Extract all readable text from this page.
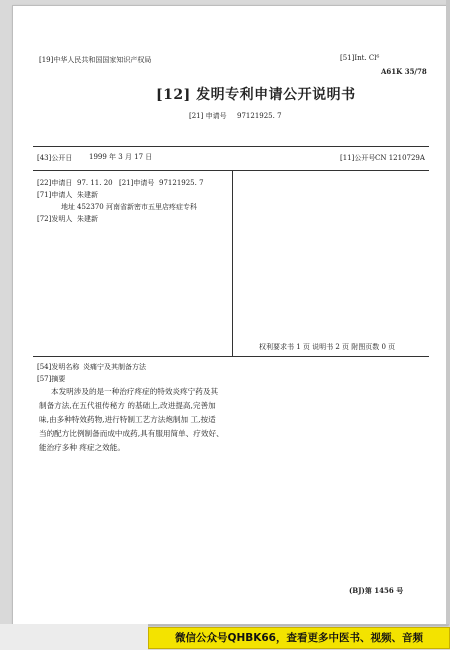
[19]中华人民共和国国家知识产权局	[51]Int. Cl⁶
A61K 35/78
[12] 发明专利申请公开说明书
[21] 申请号 97121925. 7
[43]公开日 1999 年 3 月 17 日	[11]公开号 CN 1210729A
[22]申请日 97. 11. 20 [21]申请号 97121925. 7
[71]申请人 朱建新
地址 452370 河南省新密市五里店疼症专科
[72]发明人 朱建新
权利要求书 1 页 说明书 2 页 附图页数 0 页
[54]发明名称 炎痛宁及其制备方法
[57]摘要
本发明涉及的是一种治疗疼症的特效炎疼宁药及其
制备方法,在五代祖传秘方 的基础上,改进提高,完善加
味,由多种特效药物,进行特制工艺方法炮制加 工,按适
当的配方比例制备而成中成药,具有服用简单、疗效好、
能治疗多种 疼症之效能。
(BJ)第 1456 号
微信公众号QHBK66，查看更多中医书、视频、音频
